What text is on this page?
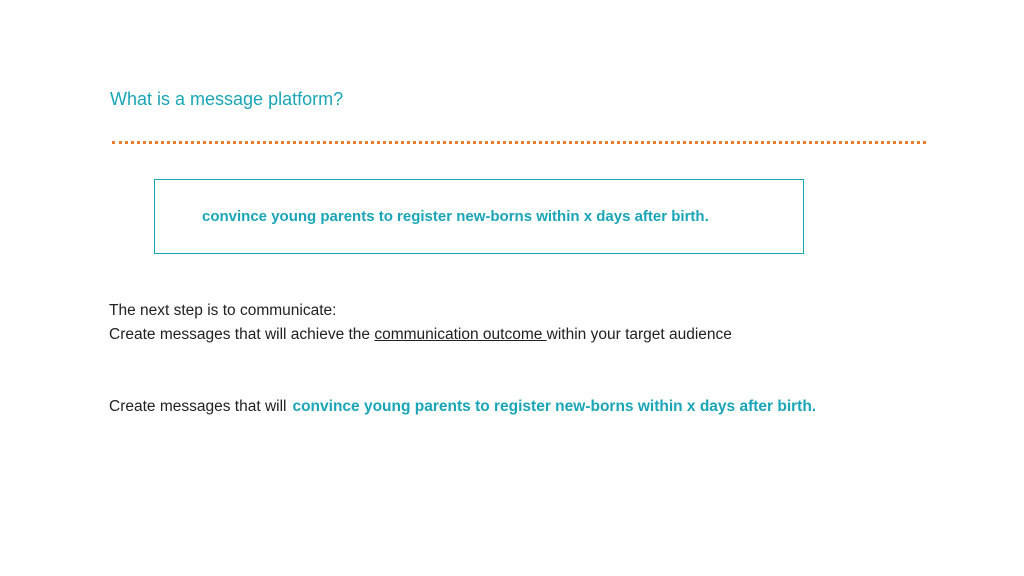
What is a message platform?
convince young parents to register new-borns within x days after birth.
The next step is to communicate:
Create messages that will achieve the communication outcome within your target audience
Create messages that will convince young parents to register new-borns within x days after birth.
